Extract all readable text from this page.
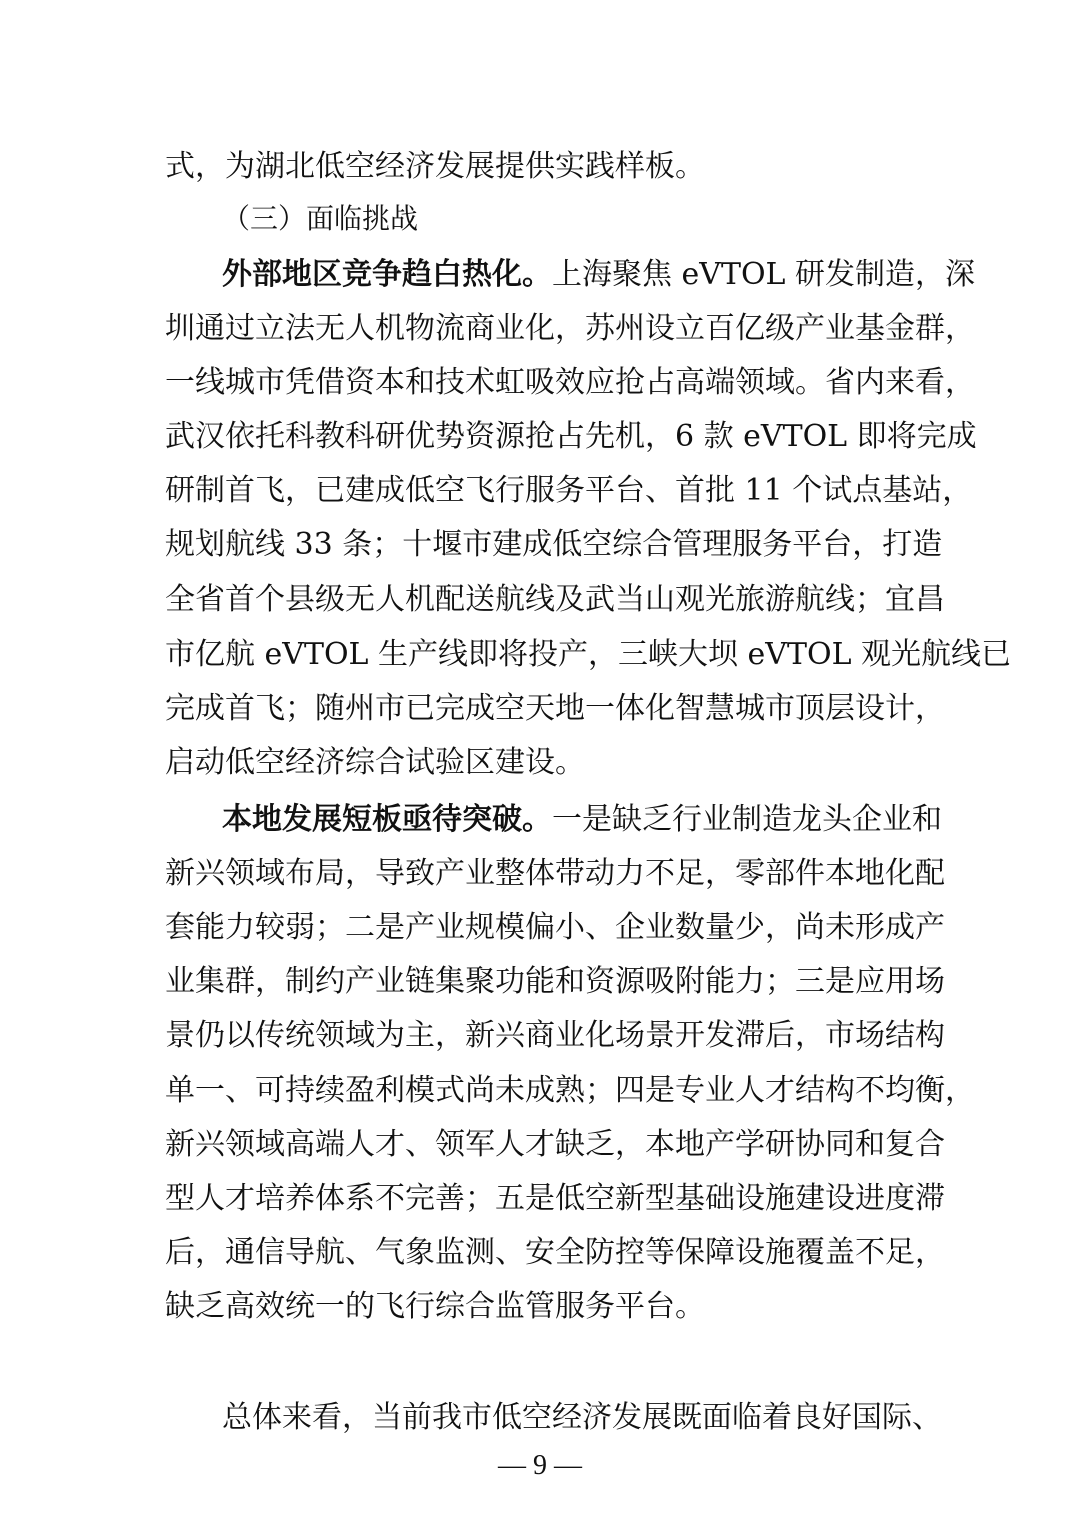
式，为湖北低空经济发展提供实践样板。
（三）面临挑战
外部地区竞争趋白热化。上海聚焦 eVTOL 研发制造，深
圳通过立法无人机物流商业化，苏州设立百亿级产业基金群，
一线城市凭借资本和技术虹吸效应抢占高端领域。省内来看，
武汉依托科教科研优势资源抢占先机，6 款 eVTOL 即将完成
研制首飞，已建成低空飞行服务平台、首批 11 个试点基站，
规划航线 33 条；十堰市建成低空综合管理服务平台，打造
全省首个县级无人机配送航线及武当山观光旅游航线；宜昌
市亿航 eVTOL 生产线即将投产，三峡大坝 eVTOL 观光航线已
完成首飞；随州市已完成空天地一体化智慧城市顶层设计，
启动低空经济综合试验区建设。
本地发展短板亟待突破。一是缺乏行业制造龙头企业和
新兴领域布局，导致产业整体带动力不足，零部件本地化配
套能力较弱；二是产业规模偏小、企业数量少，尚未形成产
业集群，制约产业链集聚功能和资源吸附能力；三是应用场
景仍以传统领域为主，新兴商业化场景开发滞后，市场结构
单一、可持续盈利模式尚未成熟；四是专业人才结构不均衡，
新兴领域高端人才、领军人才缺乏，本地产学研协同和复合
型人才培养体系不完善；五是低空新型基础设施建设进度滞
后，通信导航、气象监测、安全防控等保障设施覆盖不足，
缺乏高效统一的飞行综合监管服务平台。
总体来看，当前我市低空经济发展既面临着良好国际、
— 9 —
